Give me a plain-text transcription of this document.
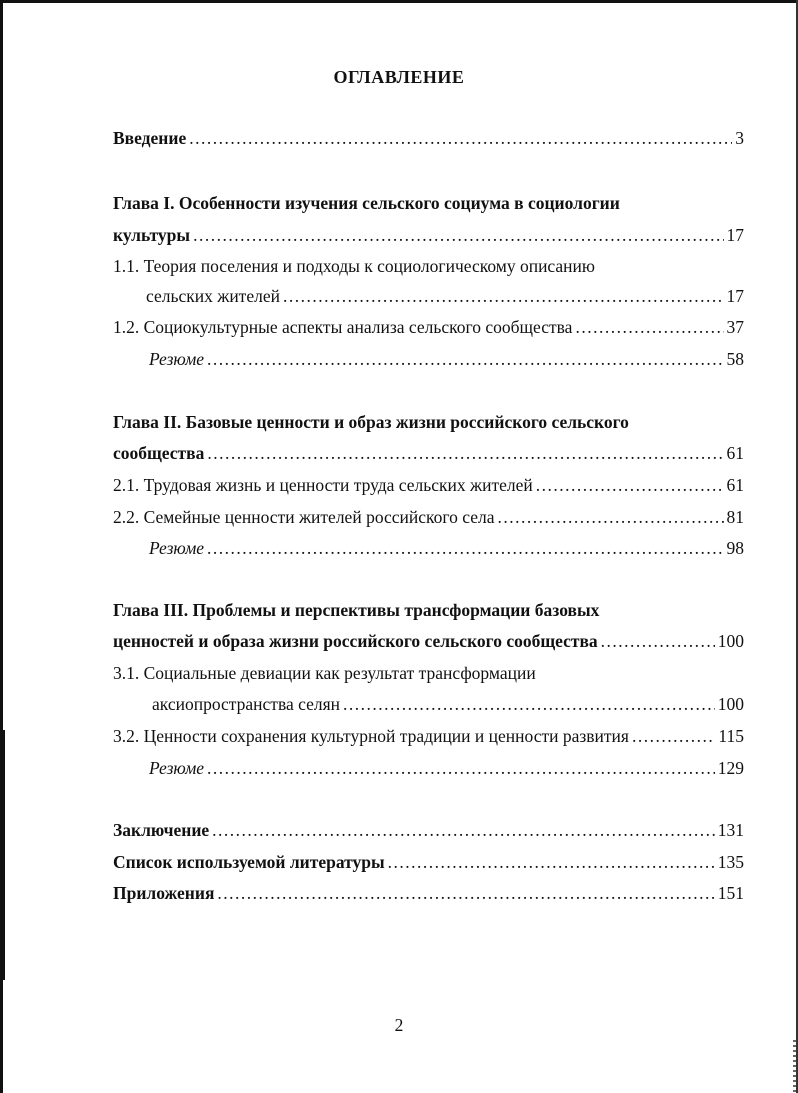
ОГЛАВЛЕНИЕ
Введение .....	3
Глава I. Особенности изучения сельского социума в социологии
культуры .....	17
1.1. Теория поселения и подходы к социологическому описанию
сельских жителей .....	17
1.2. Социокультурные аспекты анализа сельского сообщества .....	37
Резюме .....	58
Глава II. Базовые ценности и образ жизни российского сельского
сообщества .....	61
2.1. Трудовая жизнь и ценности труда сельских жителей .....	61
2.2. Семейные ценности жителей российского села .....	81
Резюме .....	98
Глава III. Проблемы и перспективы трансформации базовых
ценностей и образа жизни российского сельского сообщества .....	100
3.1. Социальные девиации как результат трансформации
аксиопространства селян .....	100
3.2. Ценности сохранения культурной традиции и ценности развития .....	115
Резюме .....	129
Заключение .....	131
Список используемой литературы .....	135
Приложения .....	151
2
